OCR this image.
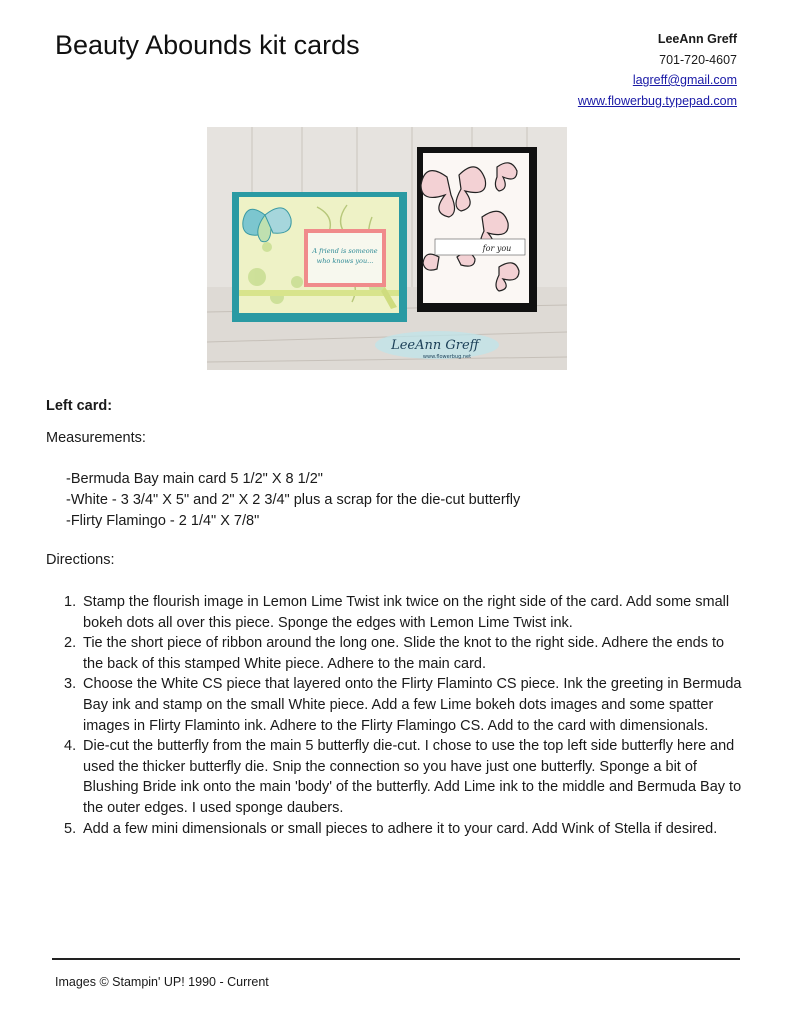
Beauty Abounds kit cards	LeeAnn Greff
701-720-4607
lagreff@gmail.com
www.flowerbug.typepad.com
A friend is someone
who knows you...
for you
LeeAnn Greff
www.flowerbug.net
Left card:

Measurements:

-Bermuda Bay main card 5 1/2" X 8 1/2"
-White - 3 3/4" X 5" and 2" X 2 3/4" plus a scrap for the die-cut butterfly
-Flirty Flamingo - 2 1/4" X 7/8"

Directions:

1. Stamp the flourish image in Lemon Lime Twist ink twice on the right side of the card. Add some small bokeh dots all over this piece. Sponge the edges with Lemon Lime Twist ink.
2. Tie the short piece of ribbon around the long one. Slide the knot to the right side. Adhere the ends to the back of this stamped White piece. Adhere to the main card.
3. Choose the White CS piece that layered onto the Flirty Flaminto CS piece. Ink the greeting in Bermuda Bay ink and stamp on the small White piece. Add a few Lime bokeh dots images and some spatter images in Flirty Flaminto ink. Adhere to the Flirty Flamingo CS. Add to the card with dimensionals.
4. Die-cut the butterfly from the main 5 butterfly die-cut. I chose to use the top left side butterfly here and used the thicker butterfly die. Snip the connection so you have just one butterfly. Sponge a bit of Blushing Bride ink onto the main 'body' of the butterfly. Add Lime ink to the middle and Bermuda Bay to the outer edges. I used sponge daubers.
5. Add a few mini dimensionals or small pieces to adhere it to your card. Add Wink of Stella if desired.
Images © Stampin' UP! 1990 - Current
